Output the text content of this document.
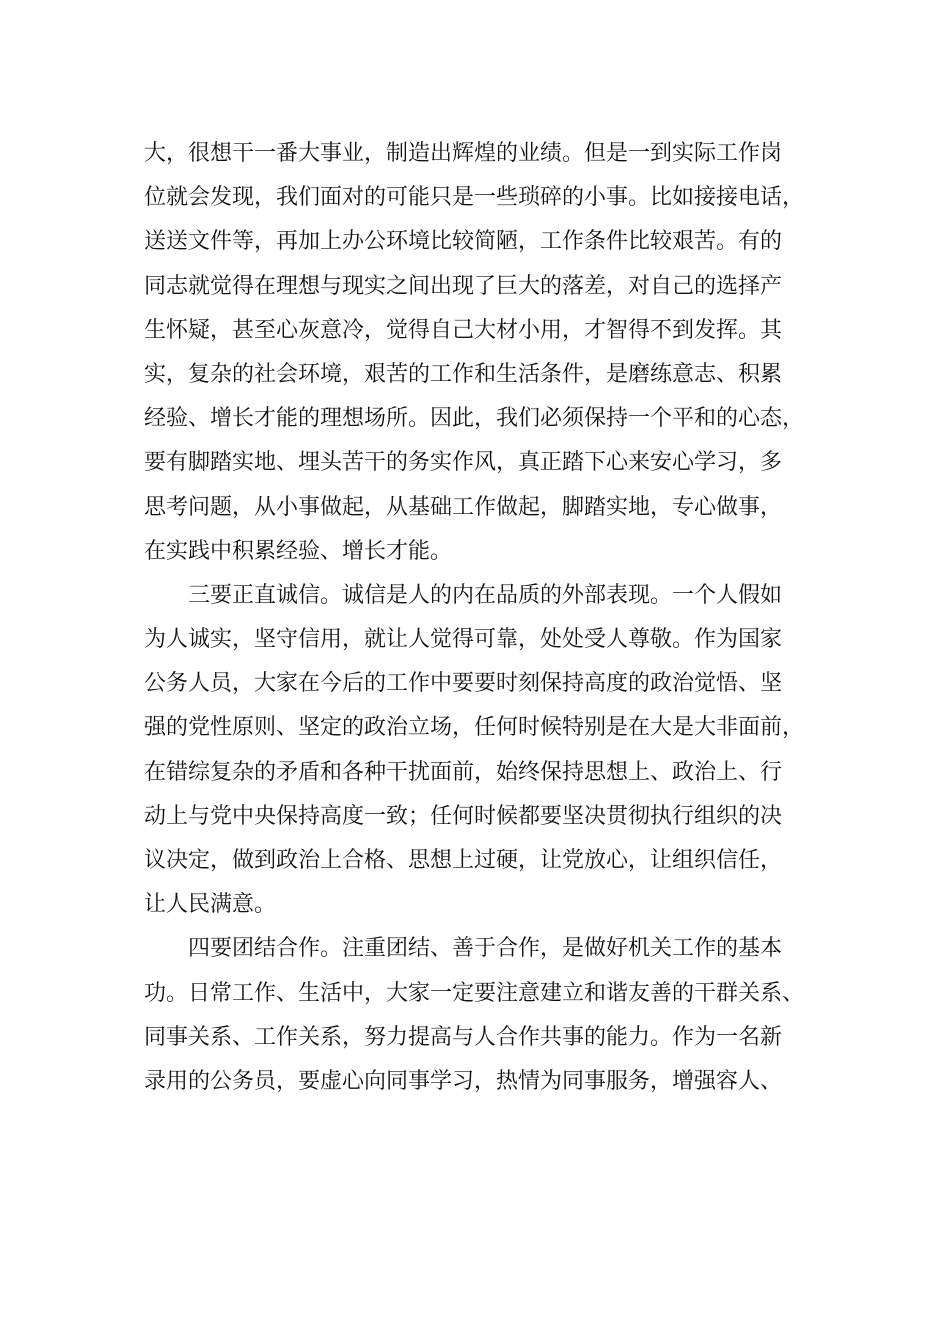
大，很想干一番大事业，制造出辉煌的业绩。但是一到实际工作岗
位就会发现，我们面对的可能只是一些琐碎的小事。比如接接电话，
送送文件等，再加上办公环境比较简陋，工作条件比较艰苦。有的
同志就觉得在理想与现实之间出现了巨大的落差，对自己的选择产
生怀疑，甚至心灰意冷，觉得自己大材小用，才智得不到发挥。其
实，复杂的社会环境，艰苦的工作和生活条件，是磨练意志、积累
经验、增长才能的理想场所。因此，我们必须保持一个平和的心态，
要有脚踏实地、埋头苦干的务实作风，真正踏下心来安心学习，多
思考问题，从小事做起，从基础工作做起，脚踏实地，专心做事，
在实践中积累经验、增长才能。
三要正直诚信。诚信是人的内在品质的外部表现。一个人假如
为人诚实，坚守信用，就让人觉得可靠，处处受人尊敬。作为国家
公务人员，大家在今后的工作中要要时刻保持高度的政治觉悟、坚
强的党性原则、坚定的政治立场，任何时候特别是在大是大非面前，
在错综复杂的矛盾和各种干扰面前，始终保持思想上、政治上、行
动上与党中央保持高度一致；任何时候都要坚决贯彻执行组织的决
议决定，做到政治上合格、思想上过硬，让党放心，让组织信任，
让人民满意。
四要团结合作。注重团结、善于合作，是做好机关工作的基本
功。日常工作、生活中，大家一定要注意建立和谐友善的干群关系、
同事关系、工作关系，努力提高与人合作共事的能力。作为一名新
录用的公务员，要虚心向同事学习，热情为同事服务，增强容人、
